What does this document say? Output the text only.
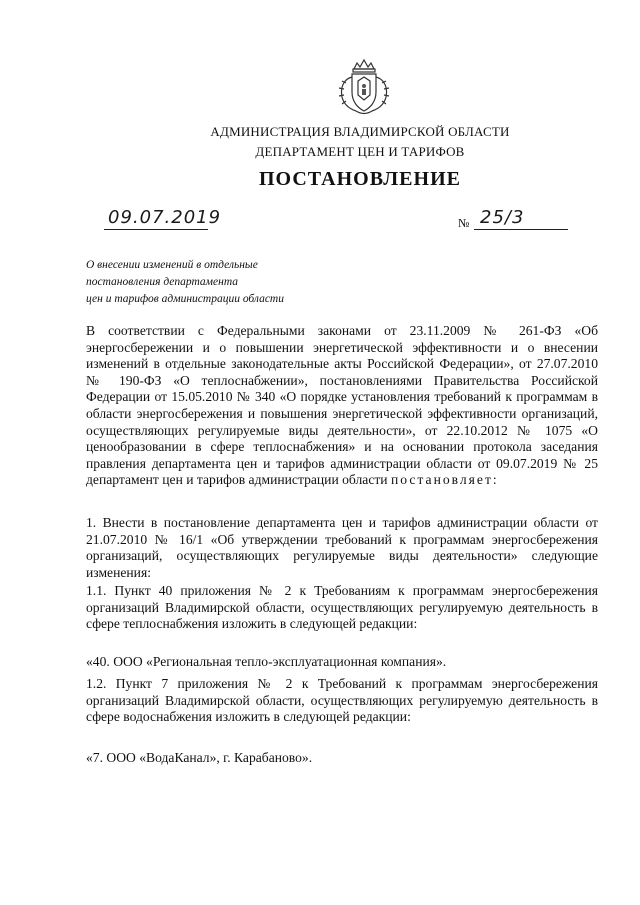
АДМИНИСТРАЦИЯ ВЛАДИМИРСКОЙ ОБЛАСТИ
ДЕПАРТАМЕНТ ЦЕН И ТАРИФОВ
ПОСТАНОВЛЕНИЕ
09.07.2019	№ 25/3
О внесении изменений в отдельные
постановления департамента
цен и тарифов администрации области
В соответствии с Федеральными законами от 23.11.2009 № 261-ФЗ «Об энергосбережении и о повышении энергетической эффективности и о внесении изменений в отдельные законодательные акты Российской Федерации», от 27.07.2010 № 190-ФЗ «О теплоснабжении», постановлениями Правительства Российской Федерации от 15.05.2010 № 340 «О порядке установления требований к программам в области энергосбережения и повышения энергетической эффективности организаций, осуществляющих регулируемые виды деятельности», от 22.10.2012 № 1075 «О ценообразовании в сфере теплоснабжения» и на основании протокола заседания правления департамента цен и тарифов администрации области от 09.07.2019 № 25 департамент цен и тарифов администрации области постановляет:
1. Внести в постановление департамента цен и тарифов администрации области от 21.07.2010 № 16/1 «Об утверждении требований к программам энергосбережения организаций, осуществляющих регулируемые виды деятельности» следующие изменения:
1.1. Пункт 40 приложения № 2 к Требованиям к программам энергосбережения организаций Владимирской области, осуществляющих регулируемую деятельность в сфере теплоснабжения изложить в следующей редакции:
«40. ООО «Региональная тепло-эксплуатационная компания».
1.2. Пункт 7 приложения № 2 к Требований к программам энергосбережения организаций Владимирской области, осуществляющих регулируемую деятельность в сфере водоснабжения изложить в следующей редакции:
«7. ООО «ВодаКанал», г. Карабаново».
